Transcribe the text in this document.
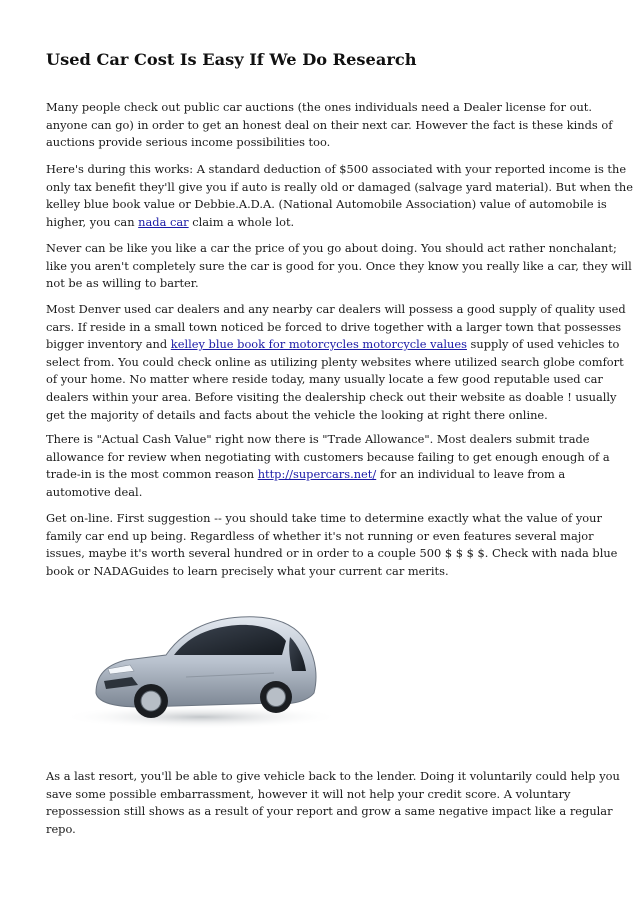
Used Car Cost Is Easy If We Do Research
Many people check out public car auctions (the ones individuals need a Dealer license for out.
anyone can go) in order to get an honest deal on their next car. However the fact is these kinds of
auctions provide serious income possibilities too.
Here's during this works: A standard deduction of $500 associated with your reported income is the
only tax benefit they'll give you if auto is really old or damaged (salvage yard material). But when the
kelley blue book value or Debbie.A.D.A. (National Automobile Association) value of automobile is
higher, you can nada car claim a whole lot.
Never can be like you like a car the price of you go about doing. You should act rather nonchalant;
like you aren't completely sure the car is good for you. Once they know you really like a car, they will
not be as willing to barter.
Most Denver used car dealers and any nearby car dealers will possess a good supply of quality used
cars. If reside in a small town noticed be forced to drive together with a larger town that possesses
bigger inventory and kelley blue book for motorcycles motorcycle values supply of used vehicles to
select from. You could check online as utilizing plenty websites where utilized search globe comfort
of your home. No matter where reside today, many usually locate a few good reputable used car
dealers within your area. Before visiting the dealership check out their website as doable ! usually
get the majority of details and facts about the vehicle the looking at right there online.
There is "Actual Cash Value" right now there is "Trade Allowance". Most dealers submit trade
allowance for review when negotiating with customers because failing to get enough enough of a
trade-in is the most common reason http://supercars.net/ for an individual to leave from a
automotive deal.
Get on-line. First suggestion -- you should take time to determine exactly what the value of your
family car end up being. Regardless of whether it's not running or even features several major
issues, maybe it's worth several hundred or in order to a couple 500 $ $ $ $. Check with nada blue
book or NADAGuides to learn precisely what your current car merits.
As a last resort, you'll be able to give vehicle back to the lender. Doing it voluntarily could help you
save some possible embarrassment, however it will not help your credit score. A voluntary
repossession still shows as a result of your report and grow a same negative impact like a regular
repo.
